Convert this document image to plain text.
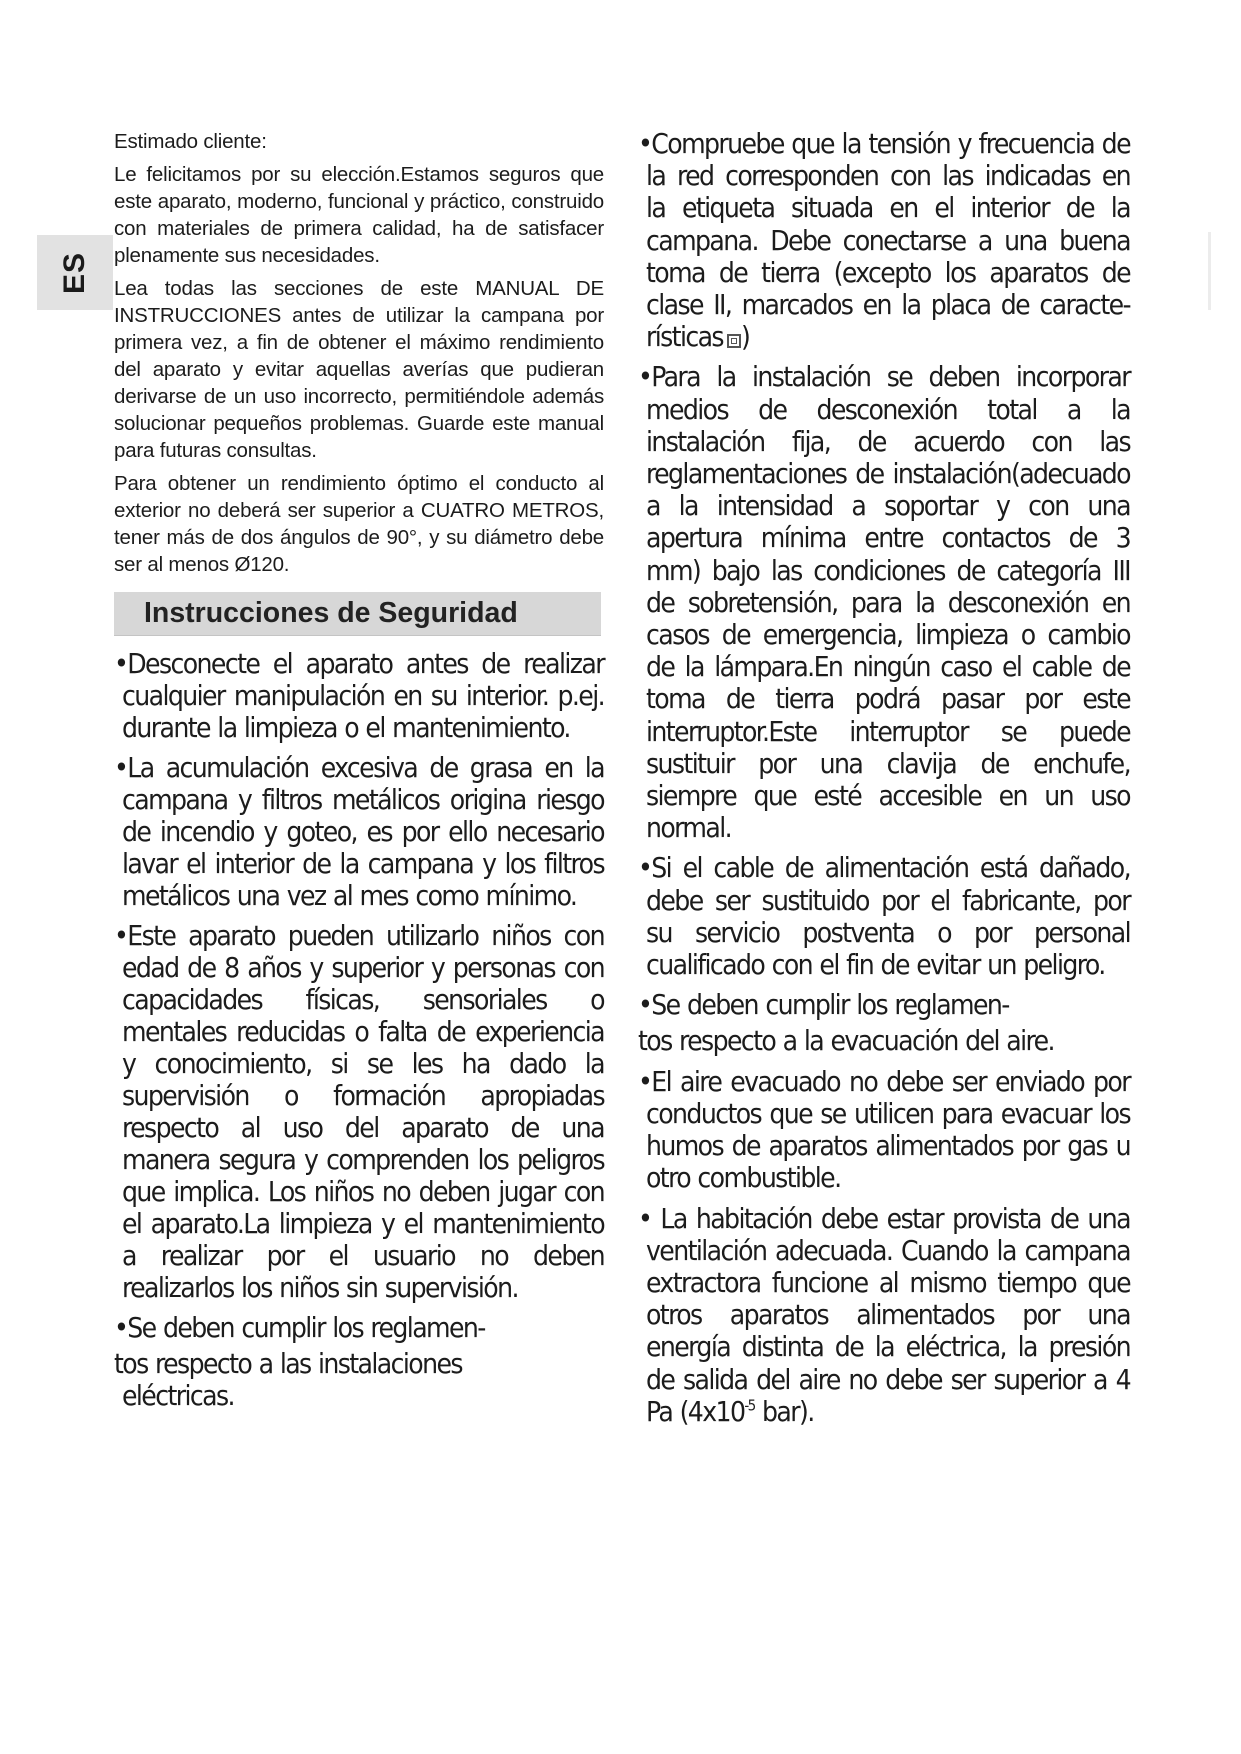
ES

Estimado cliente:

Le felicitamos por su elección.Estamos seguros que este aparato, moderno, funcional y práctico, construido con materiales de primera calidad, ha de satisfacer plenamente sus necesidades.

Lea todas las secciones de este MANUAL DE INSTRUCCIONES antes de utilizar la campana por primera vez, a fin de obtener el máximo rendimiento del aparato y evitar aquellas averías que pudieran derivarse de un uso incorrecto, permitiéndole además solucionar pequeños problemas. Guarde este manual para futuras consultas.

Para obtener un rendimiento óptimo el conducto al exterior no deberá ser superior a CUATRO METROS, tener más de dos ángulos de 90°, y su diámetro debe ser al menos Ø120.

Instrucciones de Seguridad

•Desconecte el aparato antes de realizar cualquier manipulación en su interior. p.ej. durante la limpieza o el mantenimiento.

•La acumulación excesiva de grasa en la campana y filtros metálicos origina riesgo de incendio y goteo, es por ello necesario lavar el interior de la campana y los filtros metálicos una vez al mes como mínimo.

•Este aparato pueden utilizarlo niños con edad de 8 años y superior y personas con capacidades físicas, sensoriales o mentales reducidas o falta de experiencia y conocimiento, si se les ha dado la supervisión o formación apropiadas respecto al uso del aparato de una manera segura y comprenden los peligros que implica. Los niños no deben jugar con el aparato.La limpieza y el mantenimiento a realizar por el usuario no deben realizarlos los niños sin supervisión.

•Se deben cumplir los reglamen-

tos respecto a las instalaciones
eléctricas.

•Compruebe que la tensión y frecuencia de la red corresponden con las indicadas en la etiqueta situada en el interior de la campana. Debe conectarse a una buena toma de tierra (excepto los aparatos de clase II, marcados en la placa de caracte-rísticas )

•Para la instalación se deben incorporar medios de desconexión total a la instalación fija, de acuerdo con las reglamentaciones de instalación(adecuado a la intensidad a soportar y con una apertura mínima entre contactos de 3 mm) bajo las condiciones de categoría III de sobretensión, para la desconexión en casos de emergencia, limpieza o cambio de la lámpara.En ningún caso el cable de toma de tierra podrá pasar por este interruptor.Este interruptor se puede sustituir por una clavija de enchufe, siempre que esté accesible en un uso normal.

•Si el cable de alimentación está dañado, debe ser sustituido por el fabricante, por su servicio postventa o por personal cualificado con el fin de evitar un peligro.

•Se deben cumplir los reglamen-

tos respecto a la evacuación del aire.

•El aire evacuado no debe ser enviado por conductos que se utilicen para evacuar los humos de aparatos alimentados por gas u otro combustible.

• La habitación debe estar provista de una ventilación adecuada. Cuando la campana extractora funcione al mismo tiempo que otros aparatos alimentados por una energía distinta de la eléctrica, la presión de salida del aire no debe ser superior a 4 Pa ($4x10^{-5}$ bar).
